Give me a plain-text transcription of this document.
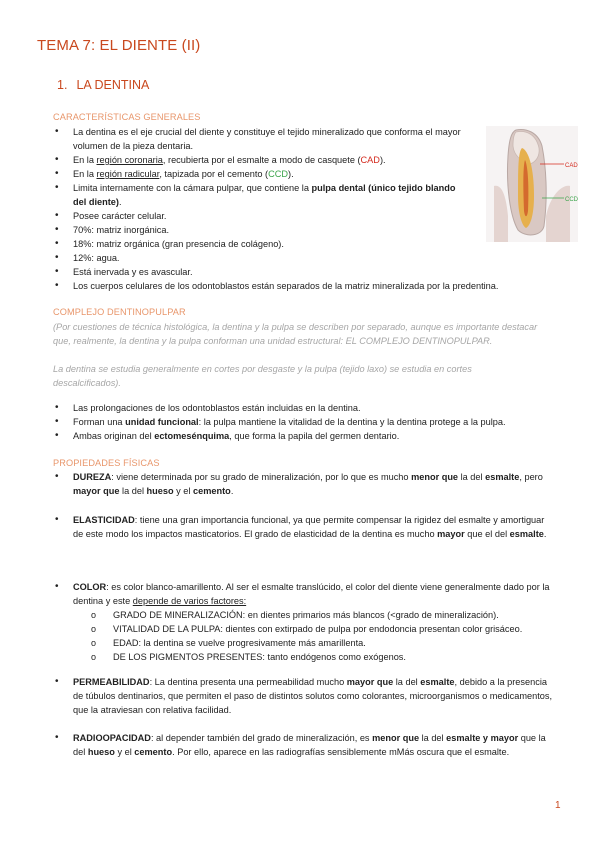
TEMA 7: EL DIENTE (II)
1. LA DENTINA
CARACTERÍSTICAS GENERALES
• La dentina es el eje crucial del diente y constituye el tejido mineralizado que conforma el mayor volumen de la pieza dentaria.
• En la región coronaria, recubierta por el esmalte a modo de casquete (CAD).
• En la región radicular, tapizada por el cemento (CCD).
• Limita internamente con la cámara pulpar, que contiene la pulpa dental (único tejido blando del diente).
• Posee carácter celular.
• 70%: matriz inorgánica.
• 18%: matriz orgánica (gran presencia de colágeno).
• 12%: agua.
• Está inervada y es avascular.
• Los cuerpos celulares de los odontoblastos están separados de la matriz mineralizada por la predentina.
CAD
CCD
COMPLEJO DENTINOPULPAR
(Por cuestiones de técnica histológica, la dentina y la pulpa se describen por separado, aunque es importante destacar que, realmente, la dentina y la pulpa conforman una unidad estructural: EL COMPLEJO DENTINOPULPAR.
La dentina se estudia generalmente en cortes por desgaste y la pulpa (tejido laxo) se estudia en cortes descalcificados).
• Las prolongaciones de los odontoblastos están incluidas en la dentina.
• Forman una unidad funcional: la pulpa mantiene la vitalidad de la dentina y la dentina protege a la pulpa.
• Ambas originan del ectomesénquima, que forma la papila del germen dentario.
PROPIEDADES FÍSICAS
• DUREZA: viene determinada por su grado de mineralización, por lo que es mucho menor que la del esmalte, pero mayor que la del hueso y el cemento.
• ELASTICIDAD: tiene una gran importancia funcional, ya que permite compensar la rigidez del esmalte y amortiguar de este modo los impactos masticatorios. El grado de elasticidad de la dentina es mucho mayor que el del esmalte.
• COLOR: es color blanco-amarillento. Al ser el esmalte translúcido, el color del diente viene generalmente dado por la dentina y este depende de varios factores:
o GRADO DE MINERALIZACIÓN: en dientes primarios más blancos (<grado de mineralización).
o VITALIDAD DE LA PULPA: dientes con extirpado de pulpa por endodoncia presentan color grisáceo.
o EDAD: la dentina se vuelve progresivamente más amarillenta.
o DE LOS PIGMENTOS PRESENTES: tanto endógenos como exógenos.
• PERMEABILIDAD: La dentina presenta una permeabilidad mucho mayor que la del esmalte, debido a la presencia de túbulos dentinarios, que permiten el paso de distintos solutos como colorantes, microorganismos o medicamentos, que la atraviesan con relativa facilidad.
• RADIOOPACIDAD: al depender también del grado de mineralización, es menor que la del esmalte y mayor que la del hueso y el cemento. Por ello, aparece en las radiografías sensiblemente mMás oscura que el esmalte.
1
